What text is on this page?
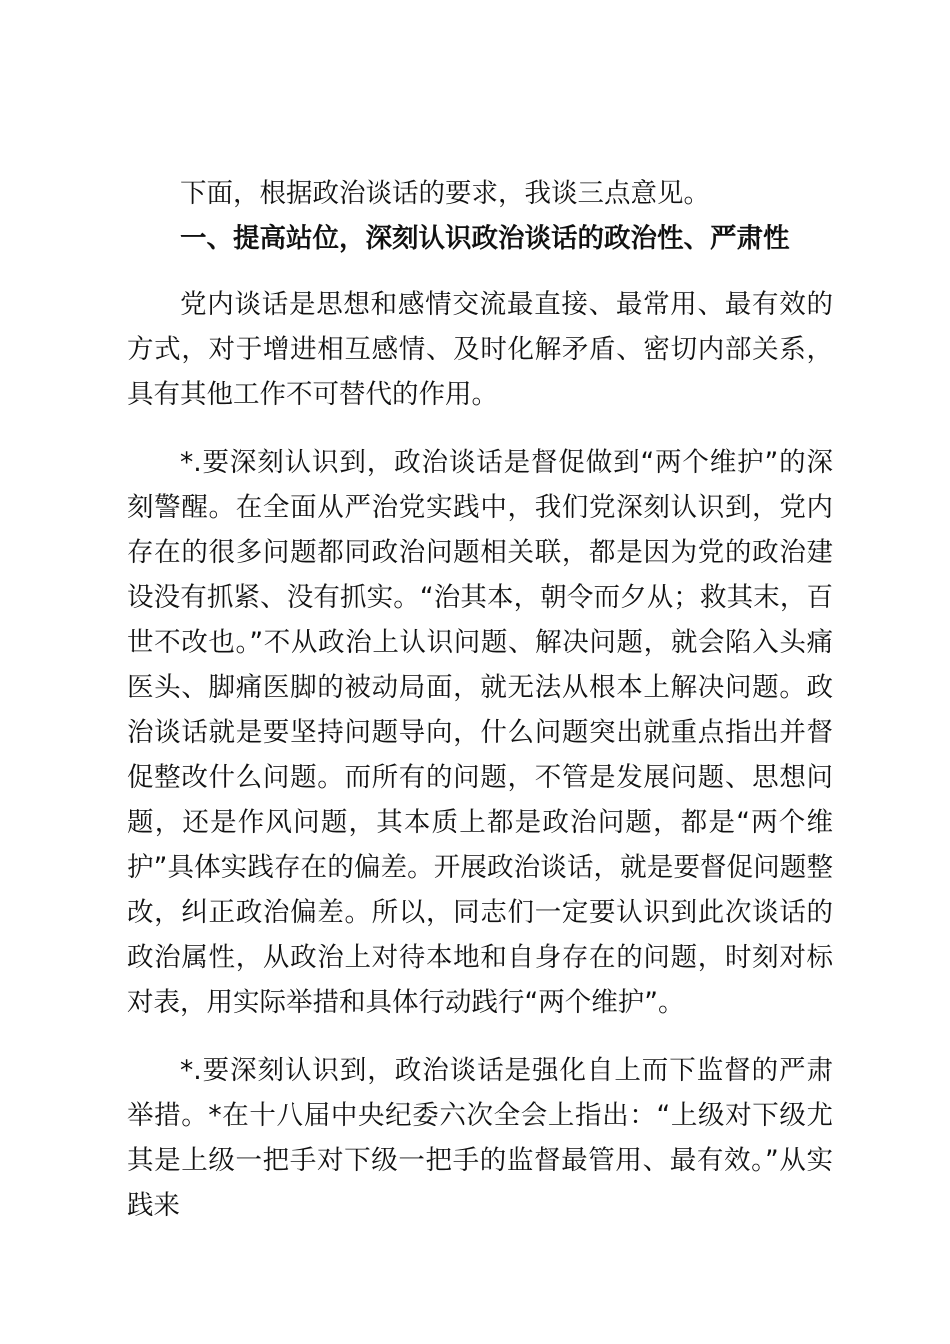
下面，根据政治谈话的要求，我谈三点意见。

一、提高站位，深刻认识政治谈话的政治性、严肃性

党内谈话是思想和感情交流最直接、最常用、最有效的方式，对于增进相互感情、及时化解矛盾、密切内部关系，具有其他工作不可替代的作用。

*.要深刻认识到，政治谈话是督促做到“两个维护”的深刻警醒。在全面从严治党实践中，我们党深刻认识到，党内存在的很多问题都同政治问题相关联，都是因为党的政治建设没有抓紧、没有抓实。“治其本，朝令而夕从；救其末，百世不改也。”不从政治上认识问题、解决问题，就会陷入头痛医头、脚痛医脚的被动局面，就无法从根本上解决问题。政治谈话就是要坚持问题导向，什么问题突出就重点指出并督促整改什么问题。而所有的问题，不管是发展问题、思想问题，还是作风问题，其本质上都是政治问题，都是“两个维护”具体实践存在的偏差。开展政治谈话，就是要督促问题整改，纠正政治偏差。所以，同志们一定要认识到此次谈话的政治属性，从政治上对待本地和自身存在的问题，时刻对标对表，用实际举措和具体行动践行“两个维护”。

*.要深刻认识到，政治谈话是强化自上而下监督的严肃举措。*在十八届中央纪委六次全会上指出：“上级对下级尤其是上级一把手对下级一把手的监督最管用、最有效。”从实践来
